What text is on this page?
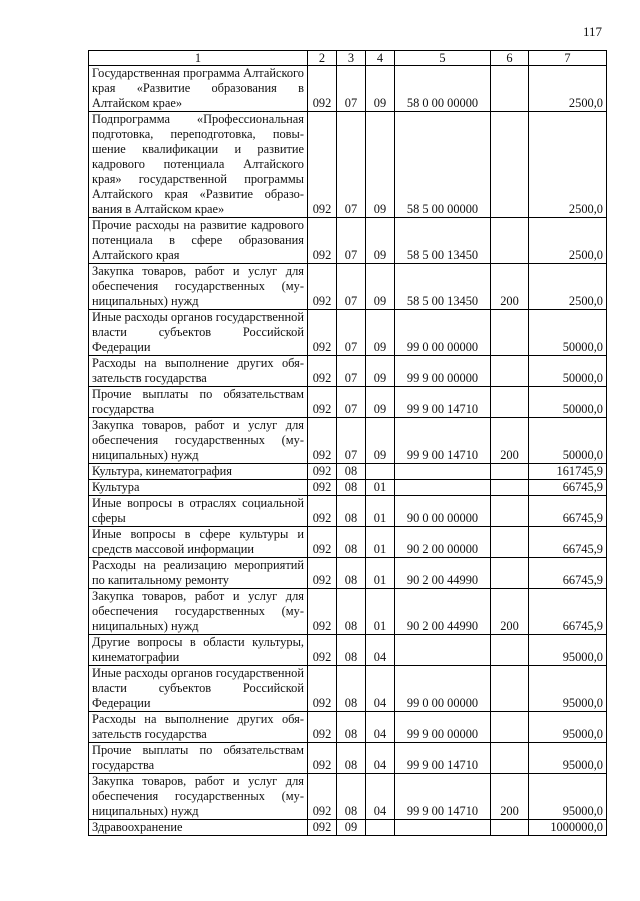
117
1	2	3	4	5	6	7
Государственная программа Алтайского края «Развитие образования в Алтайском крае»	092	07	09	58 0 00 00000		2500,0
Подпрограмма «Профессиональная подготовка, переподготовка, повышение квалификации и развитие кадрового потенциала Алтайского края» государственной программы Алтайского края «Развитие образования в Алтайском крае»	092	07	09	58 5 00 00000		2500,0
Прочие расходы на развитие кадрового потенциала в сфере образования Алтайского края	092	07	09	58 5 00 13450		2500,0
Закупка товаров, работ и услуг для обеспечения государственных (муниципальных) нужд	092	07	09	58 5 00 13450	200	2500,0
Иные расходы органов государственной власти субъектов Российской Федерации	092	07	09	99 0 00 00000		50000,0
Расходы на выполнение других обязательств государства	092	07	09	99 9 00 00000		50000,0
Прочие выплаты по обязательствам государства	092	07	09	99 9 00 14710		50000,0
Закупка товаров, работ и услуг для обеспечения государственных (муниципальных) нужд	092	07	09	99 9 00 14710	200	50000,0
Культура, кинематография	092	08				161745,9
Культура	092	08	01			66745,9
Иные вопросы в отраслях социальной сферы	092	08	01	90 0 00 00000		66745,9
Иные вопросы в сфере культуры и средств массовой информации	092	08	01	90 2 00 00000		66745,9
Расходы на реализацию мероприятий по капитальному ремонту	092	08	01	90 2 00 44990		66745,9
Закупка товаров, работ и услуг для обеспечения государственных (муниципальных) нужд	092	08	01	90 2 00 44990	200	66745,9
Другие вопросы в области культуры, кинематографии	092	08	04			95000,0
Иные расходы органов государственной власти субъектов Российской Федерации	092	08	04	99 0 00 00000		95000,0
Расходы на выполнение других обязательств государства	092	08	04	99 9 00 00000		95000,0
Прочие выплаты по обязательствам государства	092	08	04	99 9 00 14710		95000,0
Закупка товаров, работ и услуг для обеспечения государственных (муниципальных) нужд	092	08	04	99 9 00 14710	200	95000,0
Здравоохранение	092	09				1000000,0
